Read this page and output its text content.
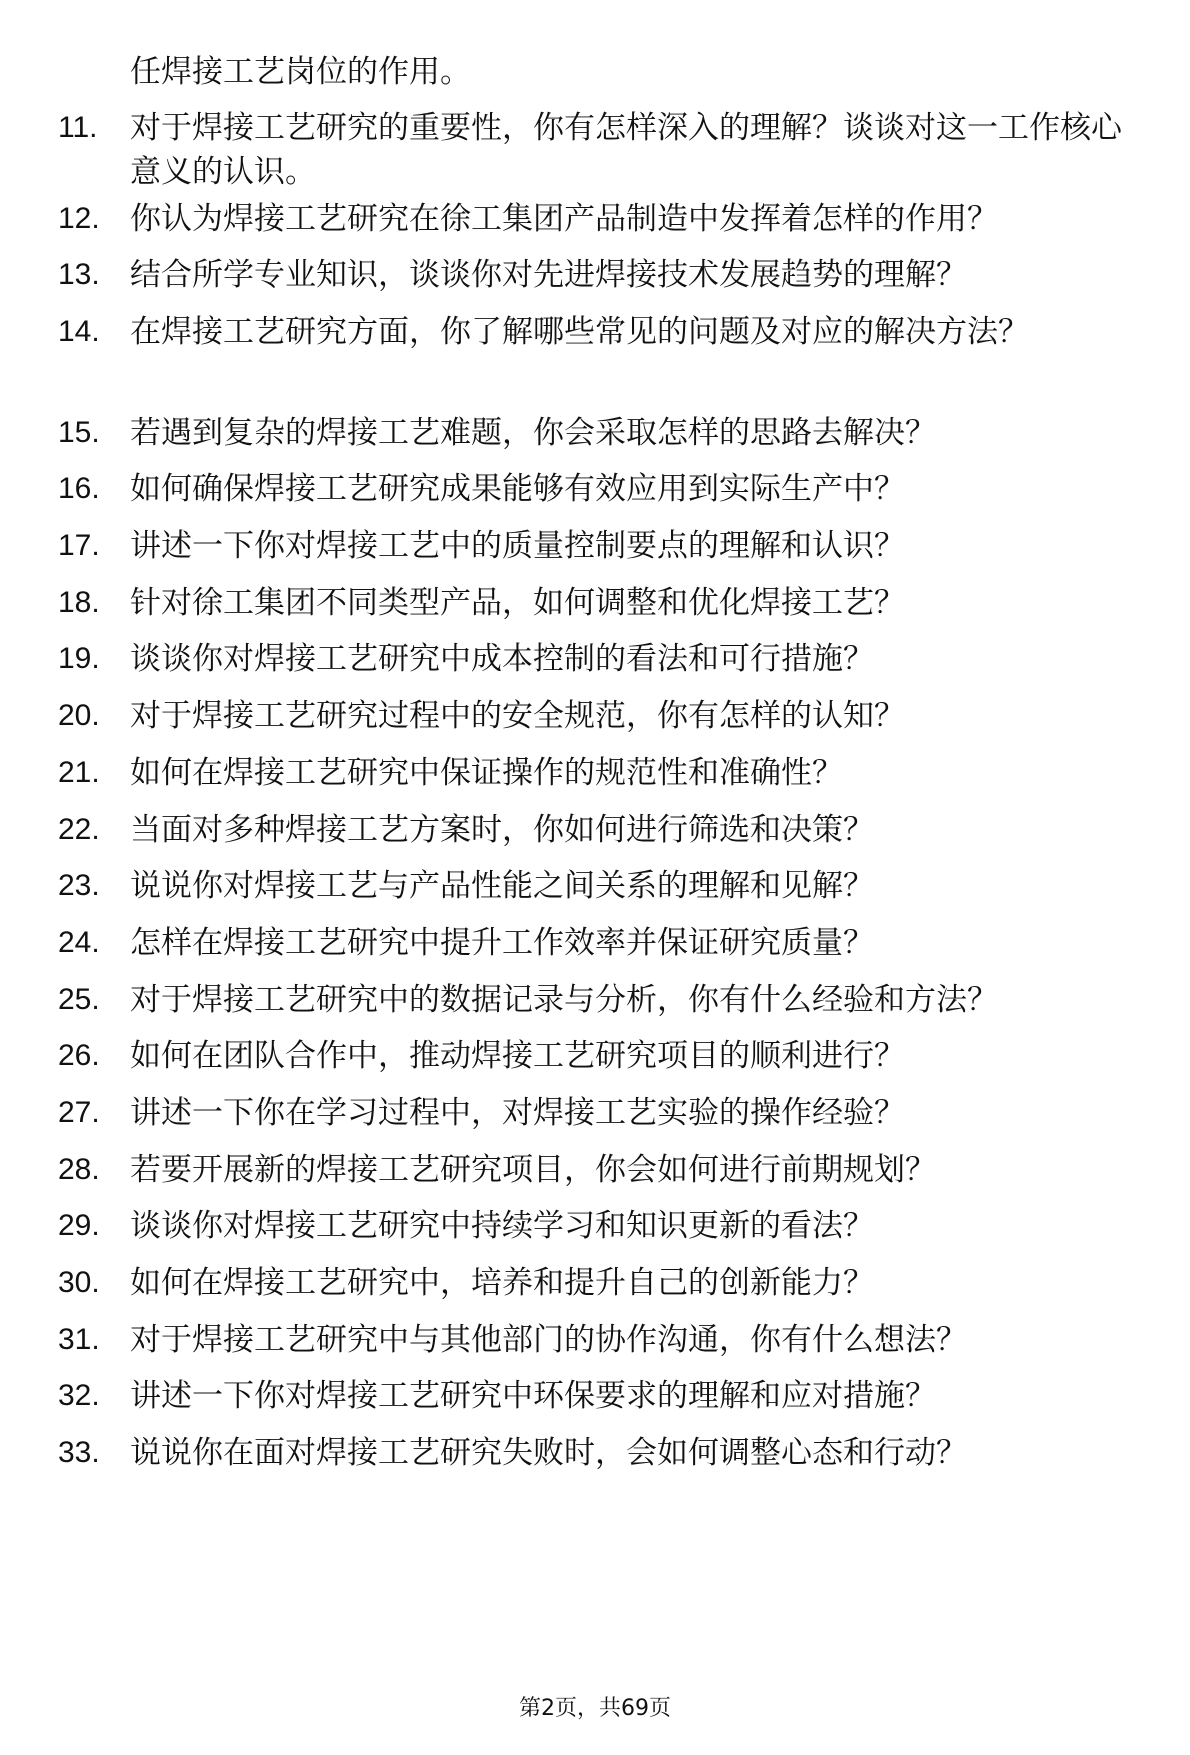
任焊接工艺岗位的作用。
11.	对于焊接工艺研究的重要性，你有怎样深入的理解？谈谈对这一工作核心意义的认识。
12. 你认为焊接工艺研究在徐工集团产品制造中发挥着怎样的作用？
13. 结合所学专业知识，谈谈你对先进焊接技术发展趋势的理解？
14. 在焊接工艺研究方面，你了解哪些常见的问题及对应的解决方法？
15. 若遇到复杂的焊接工艺难题，你会采取怎样的思路去解决？
16. 如何确保焊接工艺研究成果能够有效应用到实际生产中？
17. 讲述一下你对焊接工艺中的质量控制要点的理解和认识？
18. 针对徐工集团不同类型产品，如何调整和优化焊接工艺？
19. 谈谈你对焊接工艺研究中成本控制的看法和可行措施？
20. 对于焊接工艺研究过程中的安全规范，你有怎样的认知？
21. 如何在焊接工艺研究中保证操作的规范性和准确性？
22. 当面对多种焊接工艺方案时，你如何进行筛选和决策？
23. 说说你对焊接工艺与产品性能之间关系的理解和见解？
24. 怎样在焊接工艺研究中提升工作效率并保证研究质量？
25. 对于焊接工艺研究中的数据记录与分析，你有什么经验和方法？
26. 如何在团队合作中，推动焊接工艺研究项目的顺利进行？
27. 讲述一下你在学习过程中，对焊接工艺实验的操作经验？
28. 若要开展新的焊接工艺研究项目，你会如何进行前期规划？
29. 谈谈你对焊接工艺研究中持续学习和知识更新的看法？
30. 如何在焊接工艺研究中，培养和提升自己的创新能力？
31. 对于焊接工艺研究中与其他部门的协作沟通，你有什么想法？
32. 讲述一下你对焊接工艺研究中环保要求的理解和应对措施？
33. 说说你在面对焊接工艺研究失败时，会如何调整心态和行动？
第2页，共69页
